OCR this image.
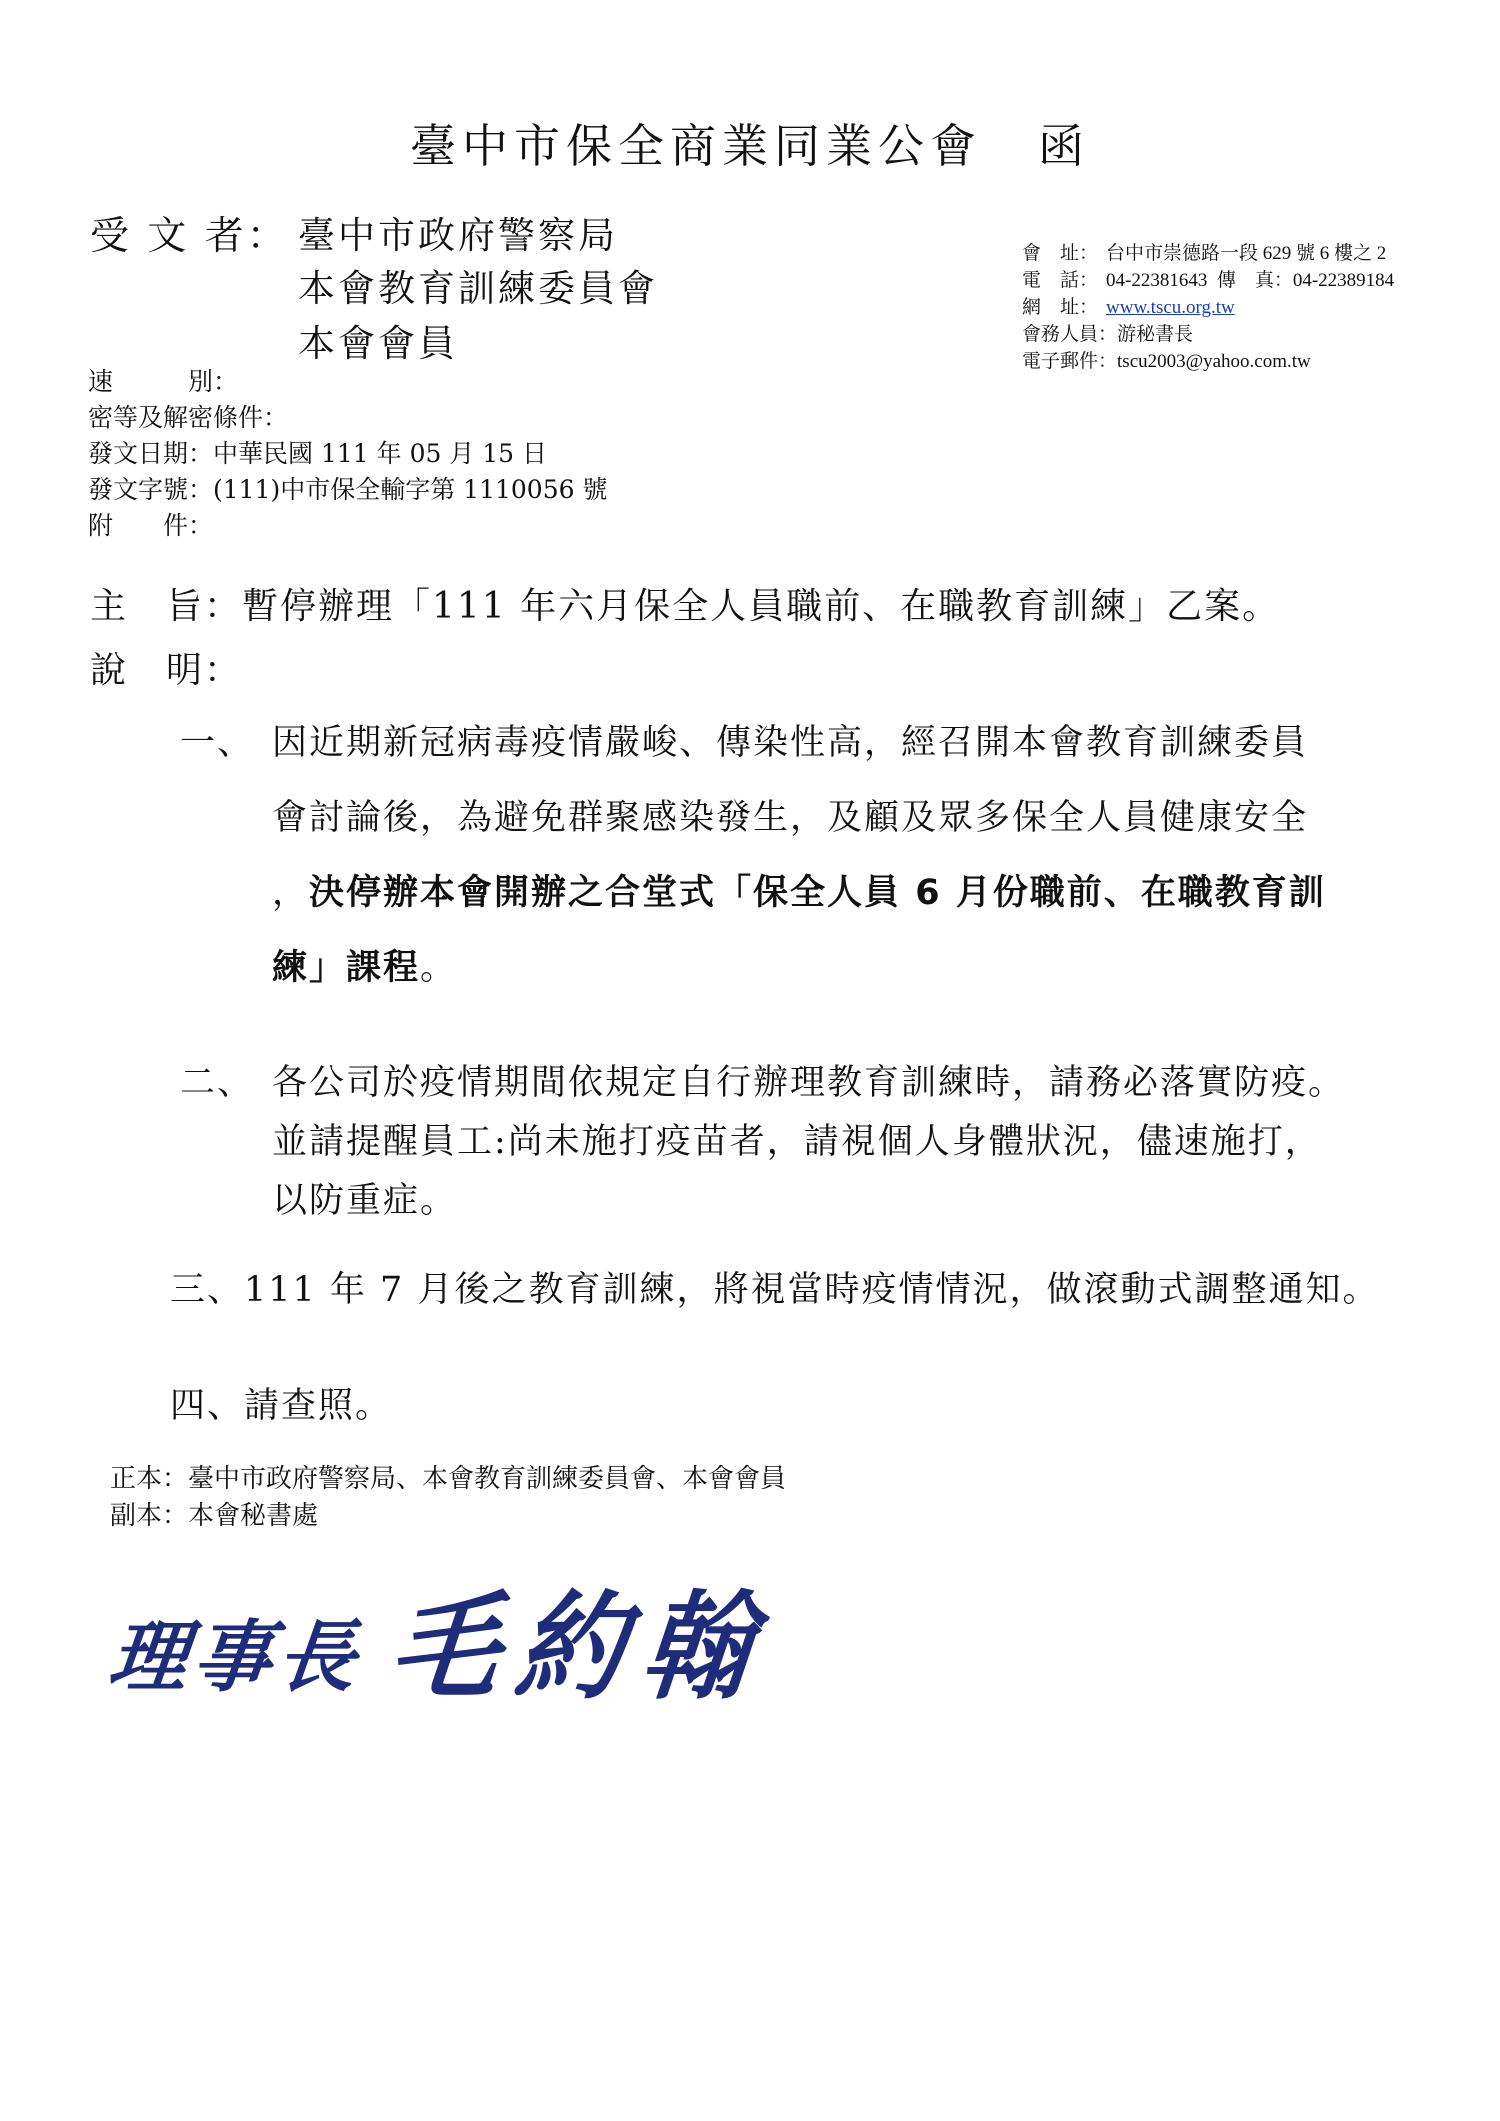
臺中市保全商業同業公會 函
受 文 者： 臺中市政府警察局
本會教育訓練委員會
本會會員
會　址： 台中市崇德路一段 629 號 6 樓之 2
電　話： 04-22381643 傳　真：04-22389184
網　址： www.tscu.org.tw
會務人員：游秘書長
電子郵件：tscu2003@yahoo.com.tw
速　　　別：
密等及解密條件：
發文日期：中華民國 111 年 05 月 15 日
發文字號：(111)中市保全輸字第 1110056 號
附　　件：
主　旨：暫停辦理「111 年六月保全人員職前、在職教育訓練」乙案。
說　明：
一、 因近期新冠病毒疫情嚴峻、傳染性高，經召開本會教育訓練委員
會討論後，為避免群聚感染發生，及顧及眾多保全人員健康安全
，決停辦本會開辦之合堂式「保全人員 6 月份職前、在職教育訓
練」課程。
二、 各公司於疫情期間依規定自行辦理教育訓練時，請務必落實防疫。
並請提醒員工:尚未施打疫苗者，請視個人身體狀況，儘速施打，
以防重症。
三、111 年 7 月後之教育訓練，將視當時疫情情況，做滾動式調整通知。
四、請查照。
正本：臺中市政府警察局、本會教育訓練委員會、本會會員
副本：本會秘書處
理事長 毛約翰
